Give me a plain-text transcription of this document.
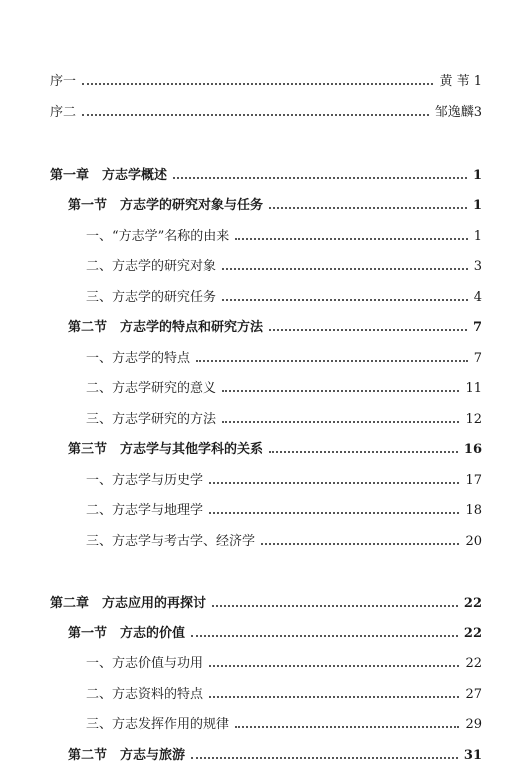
序一	黄 苇 1
序二	邹逸麟3
第一章　方志学概述	1
第一节　方志学的研究对象与任务	1
一、“方志学”名称的由来	1
二、方志学的研究对象	3
三、方志学的研究任务	4
第二节　方志学的特点和研究方法	7
一、方志学的特点	7
二、方志学研究的意义	11
三、方志学研究的方法	12
第三节　方志学与其他学科的关系	16
一、方志学与历史学	17
二、方志学与地理学	18
三、方志学与考古学、经济学	20
第二章　方志应用的再探讨	22
第一节　方志的价值	22
一、方志价值与功用	22
二、方志资料的特点	27
三、方志发挥作用的规律	29
第二节　方志与旅游	31
